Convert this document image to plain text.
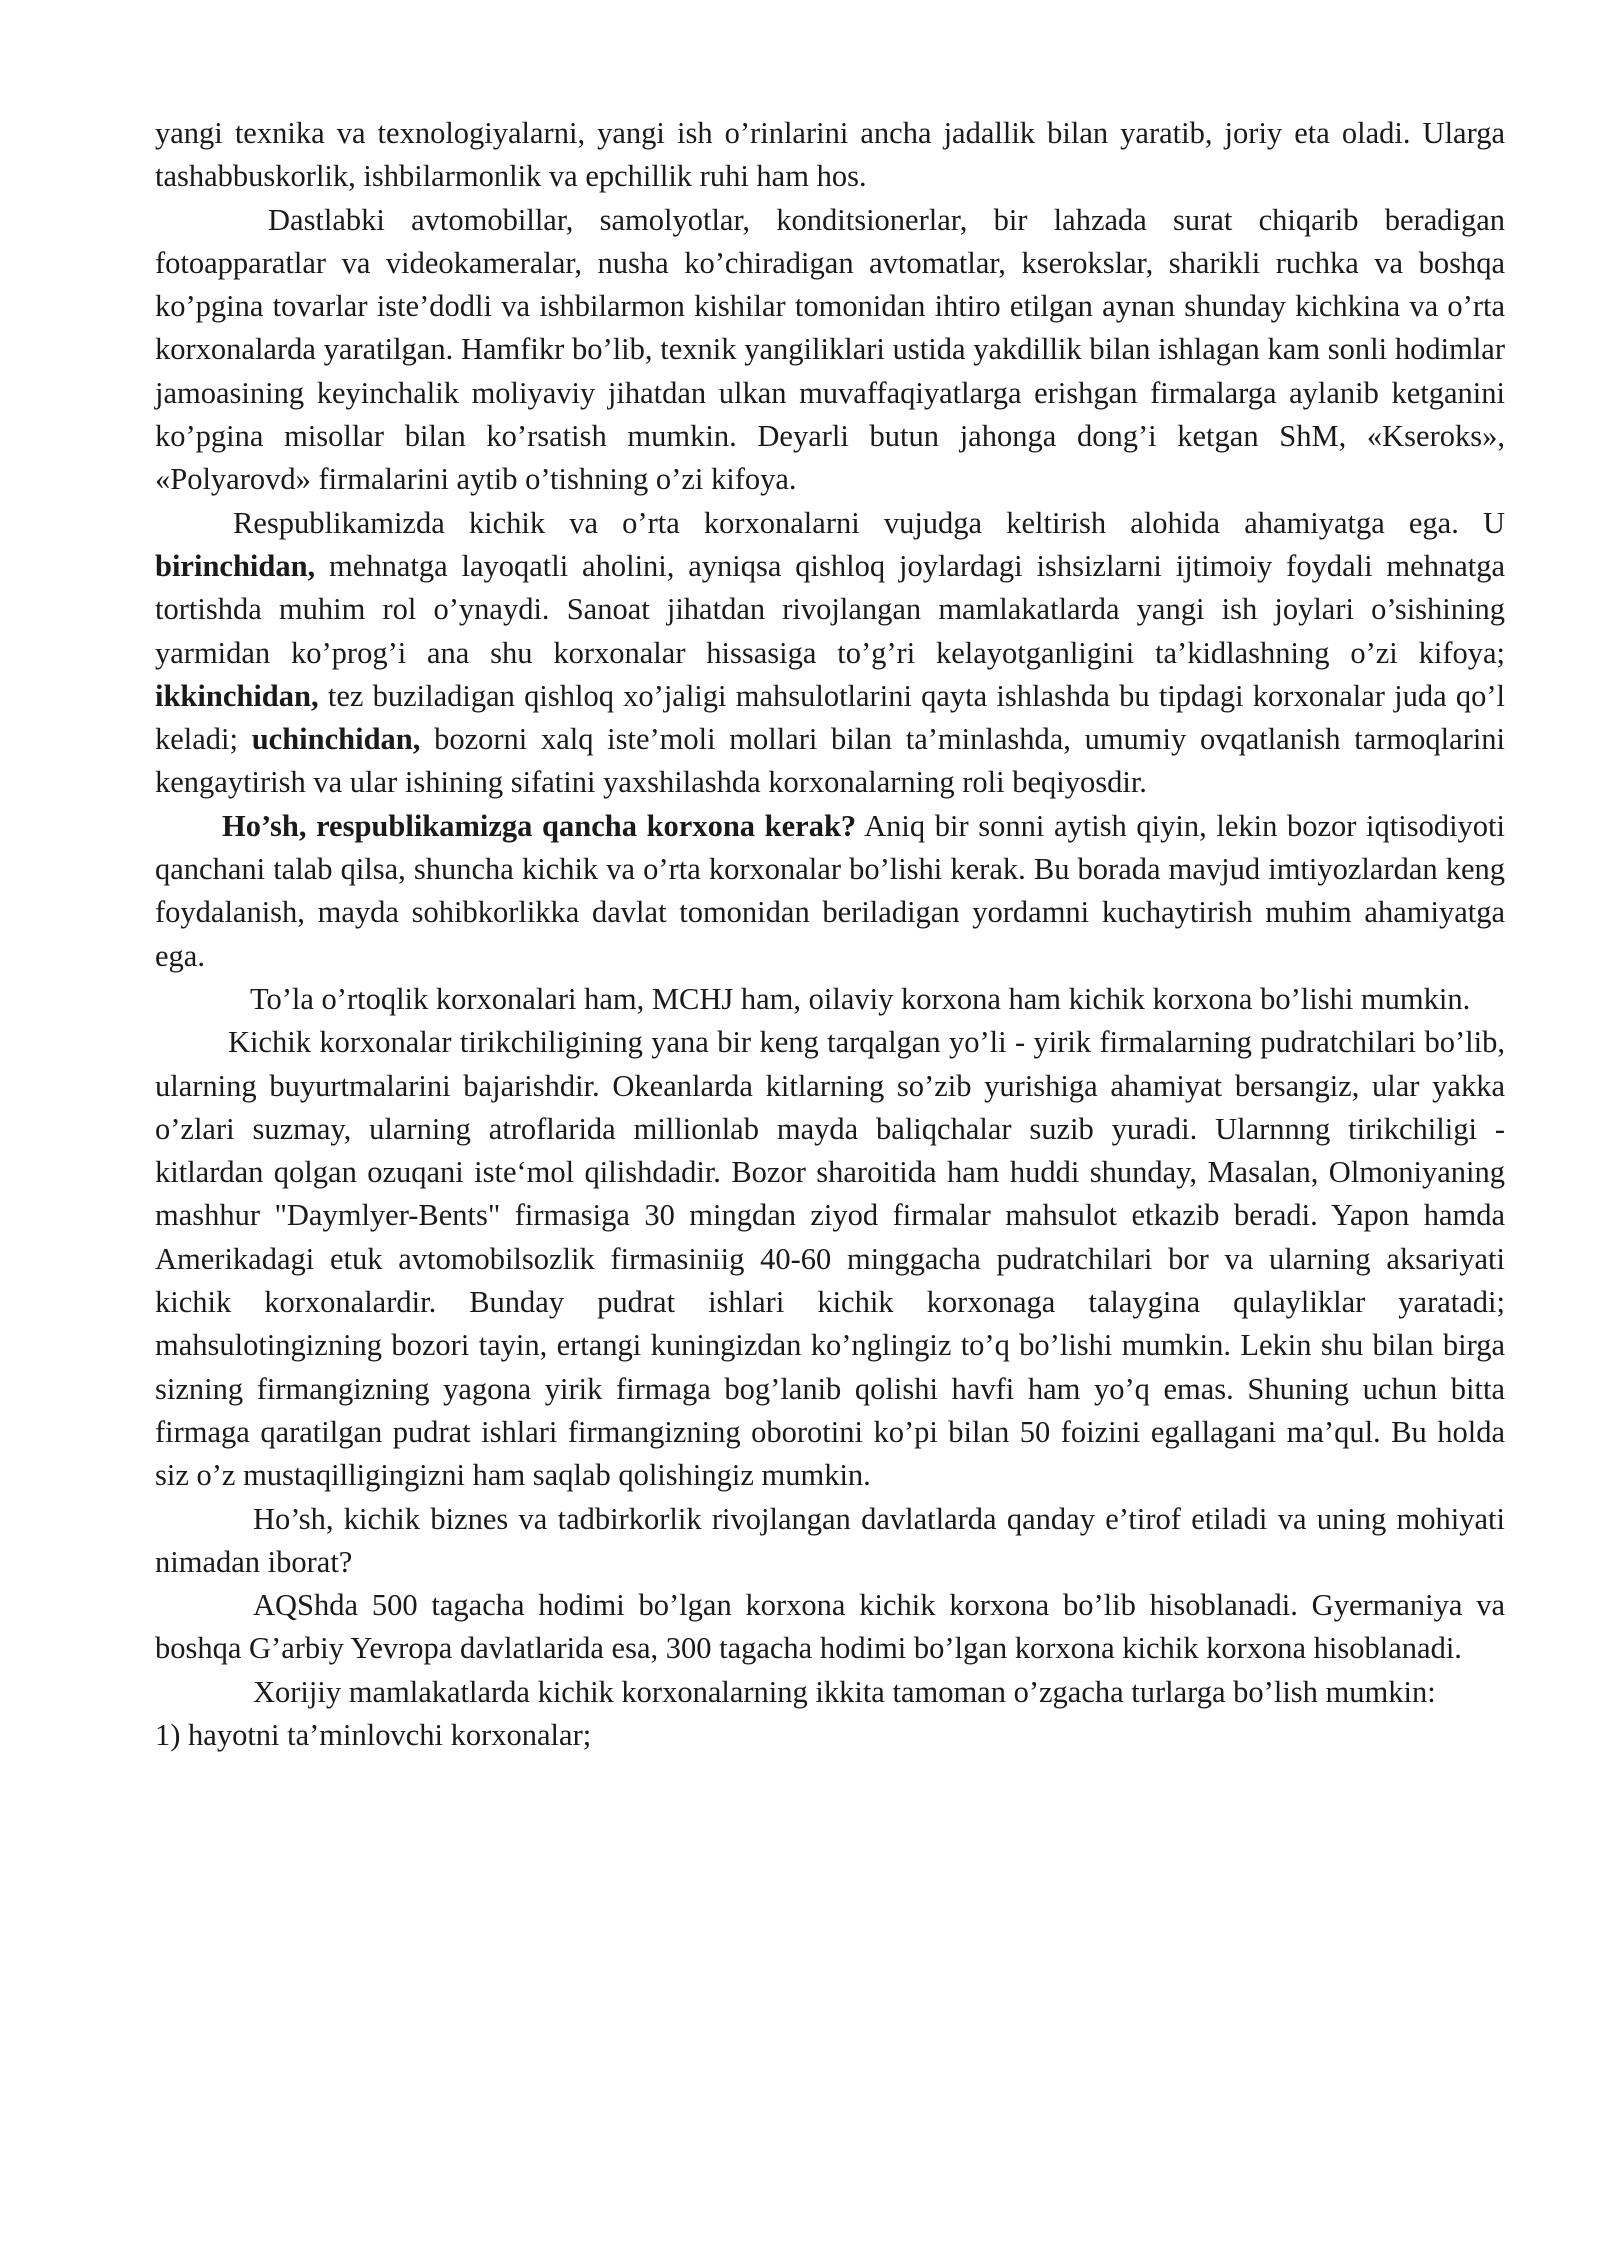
yangi texnika va texnologiyalarni, yangi ish o’rinlarini ancha jadallik bilan yaratib, joriy eta oladi. Ularga tashabbuskorlik, ishbilarmonlik va epchillik ruhi ham hos.

Dastlabki avtomobillar, samolyotlar, konditsionerlar, bir lahzada surat chiqarib beradigan fotoapparatlar va videokameralar, nusha ko’chiradigan avtomatlar, kserokslar, sharikli ruchka va boshqa ko’pgina tovarlar iste’dodli va ishbilarmon kishilar tomonidan ihtiro etilgan aynan shunday kichkina va o’rta korxonalarda yaratilgan. Hamfikr bo’lib, texnik yangiliklari ustida yakdillik bilan ishlagan kam sonli hodimlar jamoasining keyinchalik moliyaviy jihatdan ulkan muvaffaqiyatlarga erishgan firmalarga aylanib ketganini ko’pgina misollar bilan ko’rsatish mumkin. Deyarli butun jahonga dong’i ketgan ShM, «Kseroks», «Polyarovd» firmalarini aytib o’tishning o’zi kifoya.

Respublikamizda kichik va o’rta korxonalarni vujudga keltirish alohida ahamiyatga ega. U birinchidan, mehnatga layoqatli aholini, ayniqsa qishloq joylardagi ishsizlarni ijtimoiy foydali mehnatga tortishda muhim rol o’ynaydi. Sanoat jihatdan rivojlangan mamlakatlarda yangi ish joylari o’sishining yarmidan ko’prog’i ana shu korxonalar hissasiga to’g’ri kelayotganligini ta’kidlashning o’zi kifoya; ikkinchidan, tez buziladigan qishloq xo’jaligi mahsulotlarini qayta ishlashda bu tipdagi korxonalar juda qo’l keladi; uchinchidan, bozorni xalq iste’moli mollari bilan ta’minlashda, umumiy ovqatlanish tarmoqlarini kengaytirish va ular ishining sifatini yaxshilashda korxonalarning roli beqiyosdir.

Ho’sh, respublikamizga qancha korxona kerak? Aniq bir sonni aytish qiyin, lekin bozor iqtisodiyoti qanchani talab qilsa, shuncha kichik va o’rta korxonalar bo’lishi kerak. Bu borada mavjud imtiyozlardan keng foydalanish, mayda sohibkorlikka davlat tomonidan beriladigan yordamni kuchaytirish muhim ahamiyatga ega.

To’la o’rtoqlik korxonalari ham, MCHJ ham, oilaviy korxona ham kichik korxona bo’lishi mumkin.

Kichik korxonalar tirikchiligining yana bir keng tarqalgan yo’li - yirik firmalarning pudratchilari bo’lib, ularning buyurtmalarini bajarishdir. Okeanlarda kitlarning so’zib yurishiga ahamiyat bersangiz, ular yakka o’zlari suzmay, ularning atroflarida millionlab mayda baliqchalar suzib yuradi. Ularnnng tirikchiligi - kitlardan qolgan ozuqani iste‘mol qilishdadir. Bozor sharoitida ham huddi shunday, Masalan, Olmoniyaning mashhur "Daymlyer-Bents" firmasiga 30 mingdan ziyod firmalar mahsulot etkazib beradi. Yapon hamda Amerikadagi etuk avtomobilsozlik firmasiniig 40-60 minggacha pudratchilari bor va ularning aksariyati kichik korxonalardir. Bunday pudrat ishlari kichik korxonaga talaygina qulayliklar yaratadi; mahsulotingizning bozori tayin, ertangi kuningizdan ko’nglingiz to’q bo’lishi mumkin. Lekin shu bilan birga sizning firmangizning yagona yirik firmaga bog’lanib qolishi havfi ham yo’q emas. Shuning uchun bitta firmaga qaratilgan pudrat ishlari firmangizning oborotini ko’pi bilan 50 foizini egallagani ma’qul. Bu holda siz o’z mustaqilligingizni ham saqlab qolishingiz mumkin.

Ho’sh, kichik biznes va tadbirkorlik rivojlangan davlatlarda qanday e’tirof etiladi va uning mohiyati nimadan iborat?

AQShda 500 tagacha hodimi bo’lgan korxona kichik korxona bo’lib hisoblanadi. Gyermaniya va boshqa G’arbiy Yevropa davlatlarida esa, 300 tagacha hodimi bo’lgan korxona kichik korxona hisoblanadi.

Xorijiy mamlakatlarda kichik korxonalarning ikkita tamoman o’zgacha turlarga bo’lish mumkin:

1) hayotni ta’minlovchi korxonalar;
